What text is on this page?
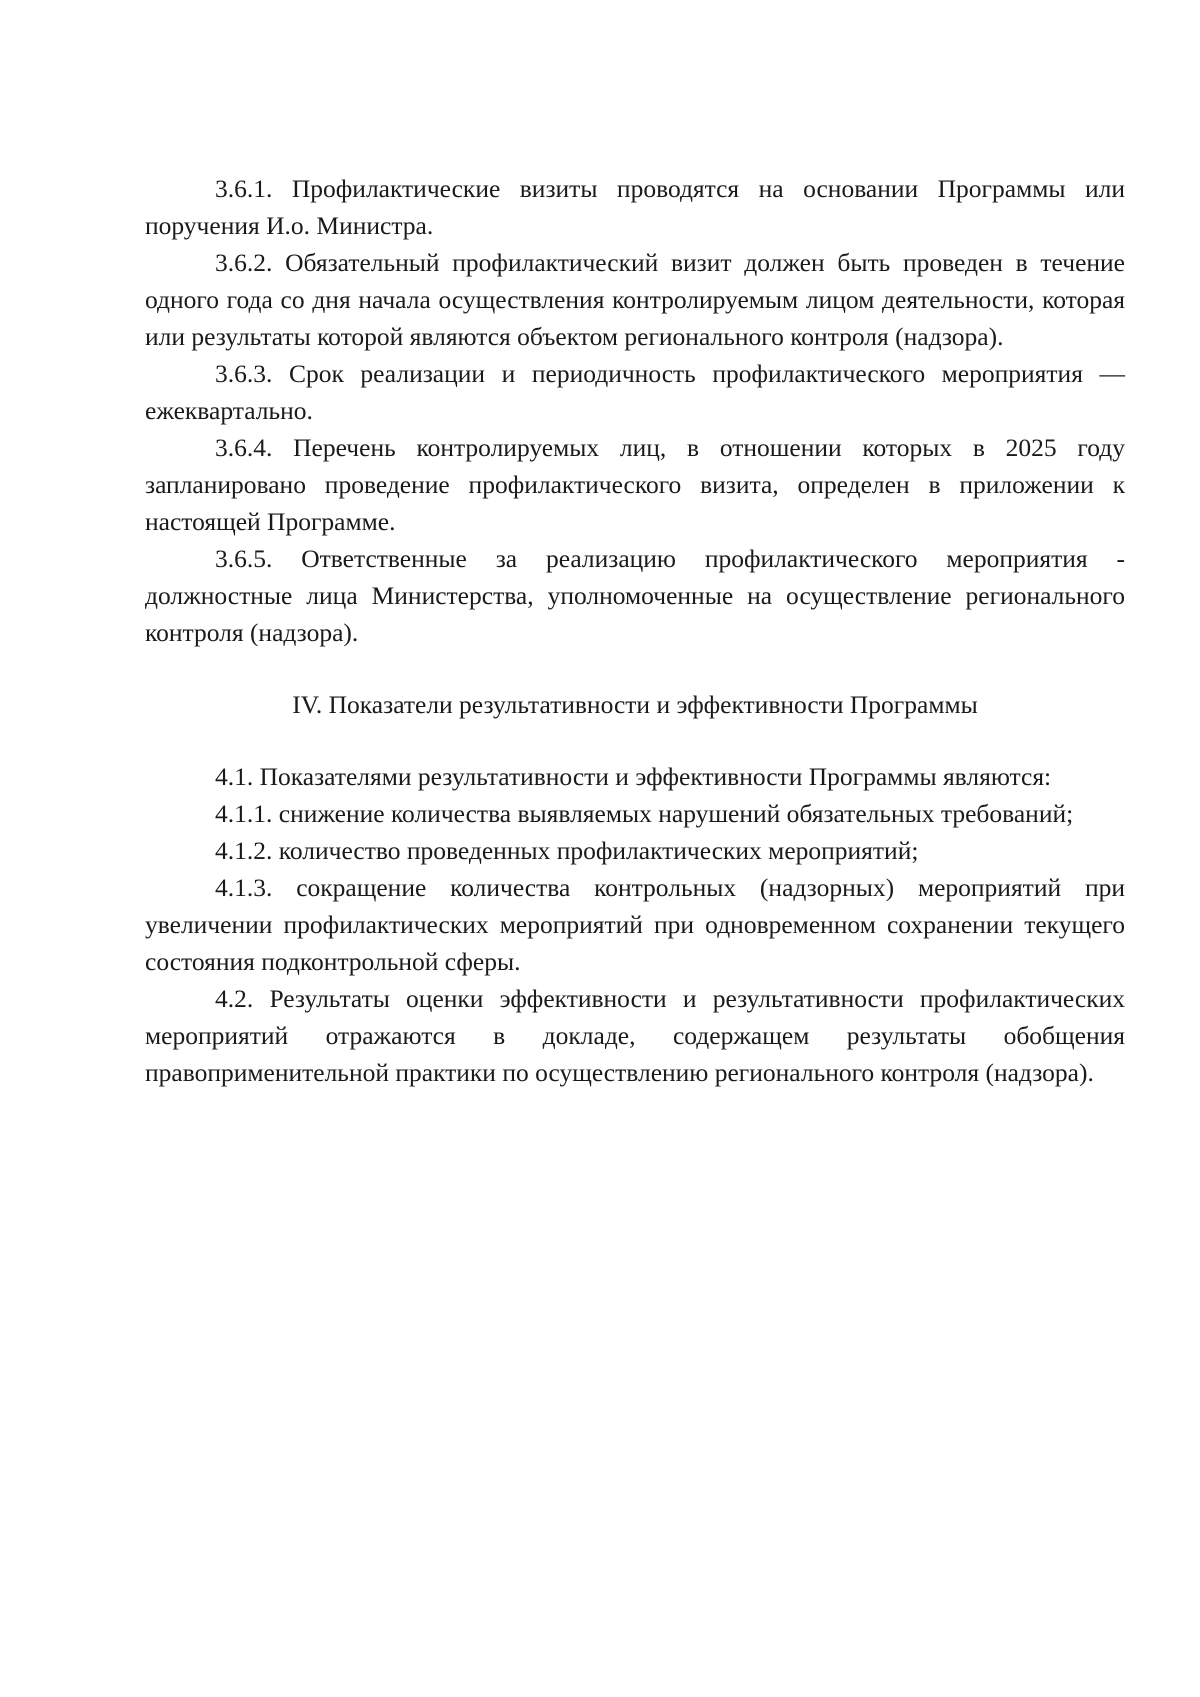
3.6.1. Профилактические визиты проводятся на основании Программы или поручения И.о. Министра.

3.6.2. Обязательный профилактический визит должен быть проведен в течение одного года со дня начала осуществления контролируемым лицом деятельности, которая или результаты которой являются объектом регионального контроля (надзора).

3.6.3. Срок реализации и периодичность профилактического мероприятия — ежеквартально.

3.6.4. Перечень контролируемых лиц, в отношении которых в 2025 году запланировано проведение профилактического визита, определен в приложении к настоящей Программе.

3.6.5. Ответственные за реализацию профилактического мероприятия - должностные лица Министерства, уполномоченные на осуществление регионального контроля (надзора).

IV. Показатели результативности и эффективности Программы

4.1. Показателями результативности и эффективности Программы являются:

4.1.1. снижение количества выявляемых нарушений обязательных требований;

4.1.2. количество проведенных профилактических мероприятий;

4.1.3. сокращение количества контрольных (надзорных) мероприятий при увеличении профилактических мероприятий при одновременном сохранении текущего состояния подконтрольной сферы.

4.2. Результаты оценки эффективности и результативности профилактических мероприятий отражаются в докладе, содержащем результаты обобщения правоприменительной практики по осуществлению регионального контроля (надзора).
